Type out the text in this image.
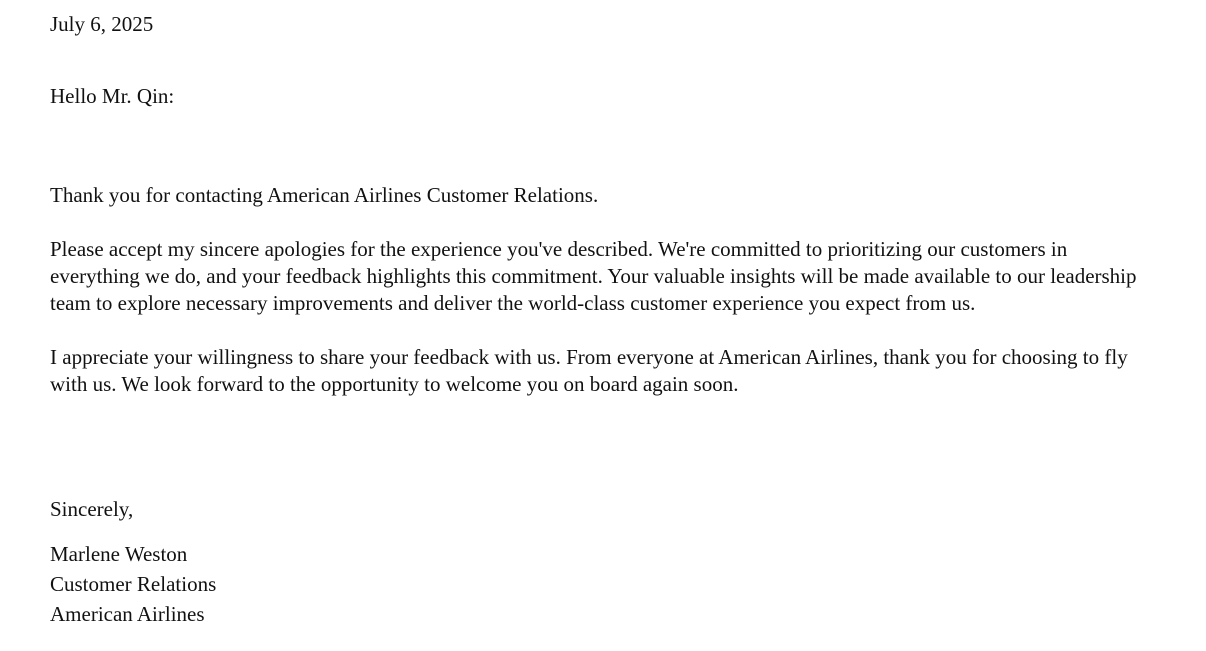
July 6, 2025
Hello Mr. Qin:

Thank you for contacting American Airlines Customer Relations.

Please accept my sincere apologies for the experience you've described. We're committed to prioritizing our customers in everything we do, and your feedback highlights this commitment. Your valuable insights will be made available to our leadership team to explore necessary improvements and deliver the world-class customer experience you expect from us.

I appreciate your willingness to share your feedback with us. From everyone at American Airlines, thank you for choosing to fly with us. We look forward to the opportunity to welcome you on board again soon.

Sincerely,
Marlene Weston
Customer Relations
American Airlines
